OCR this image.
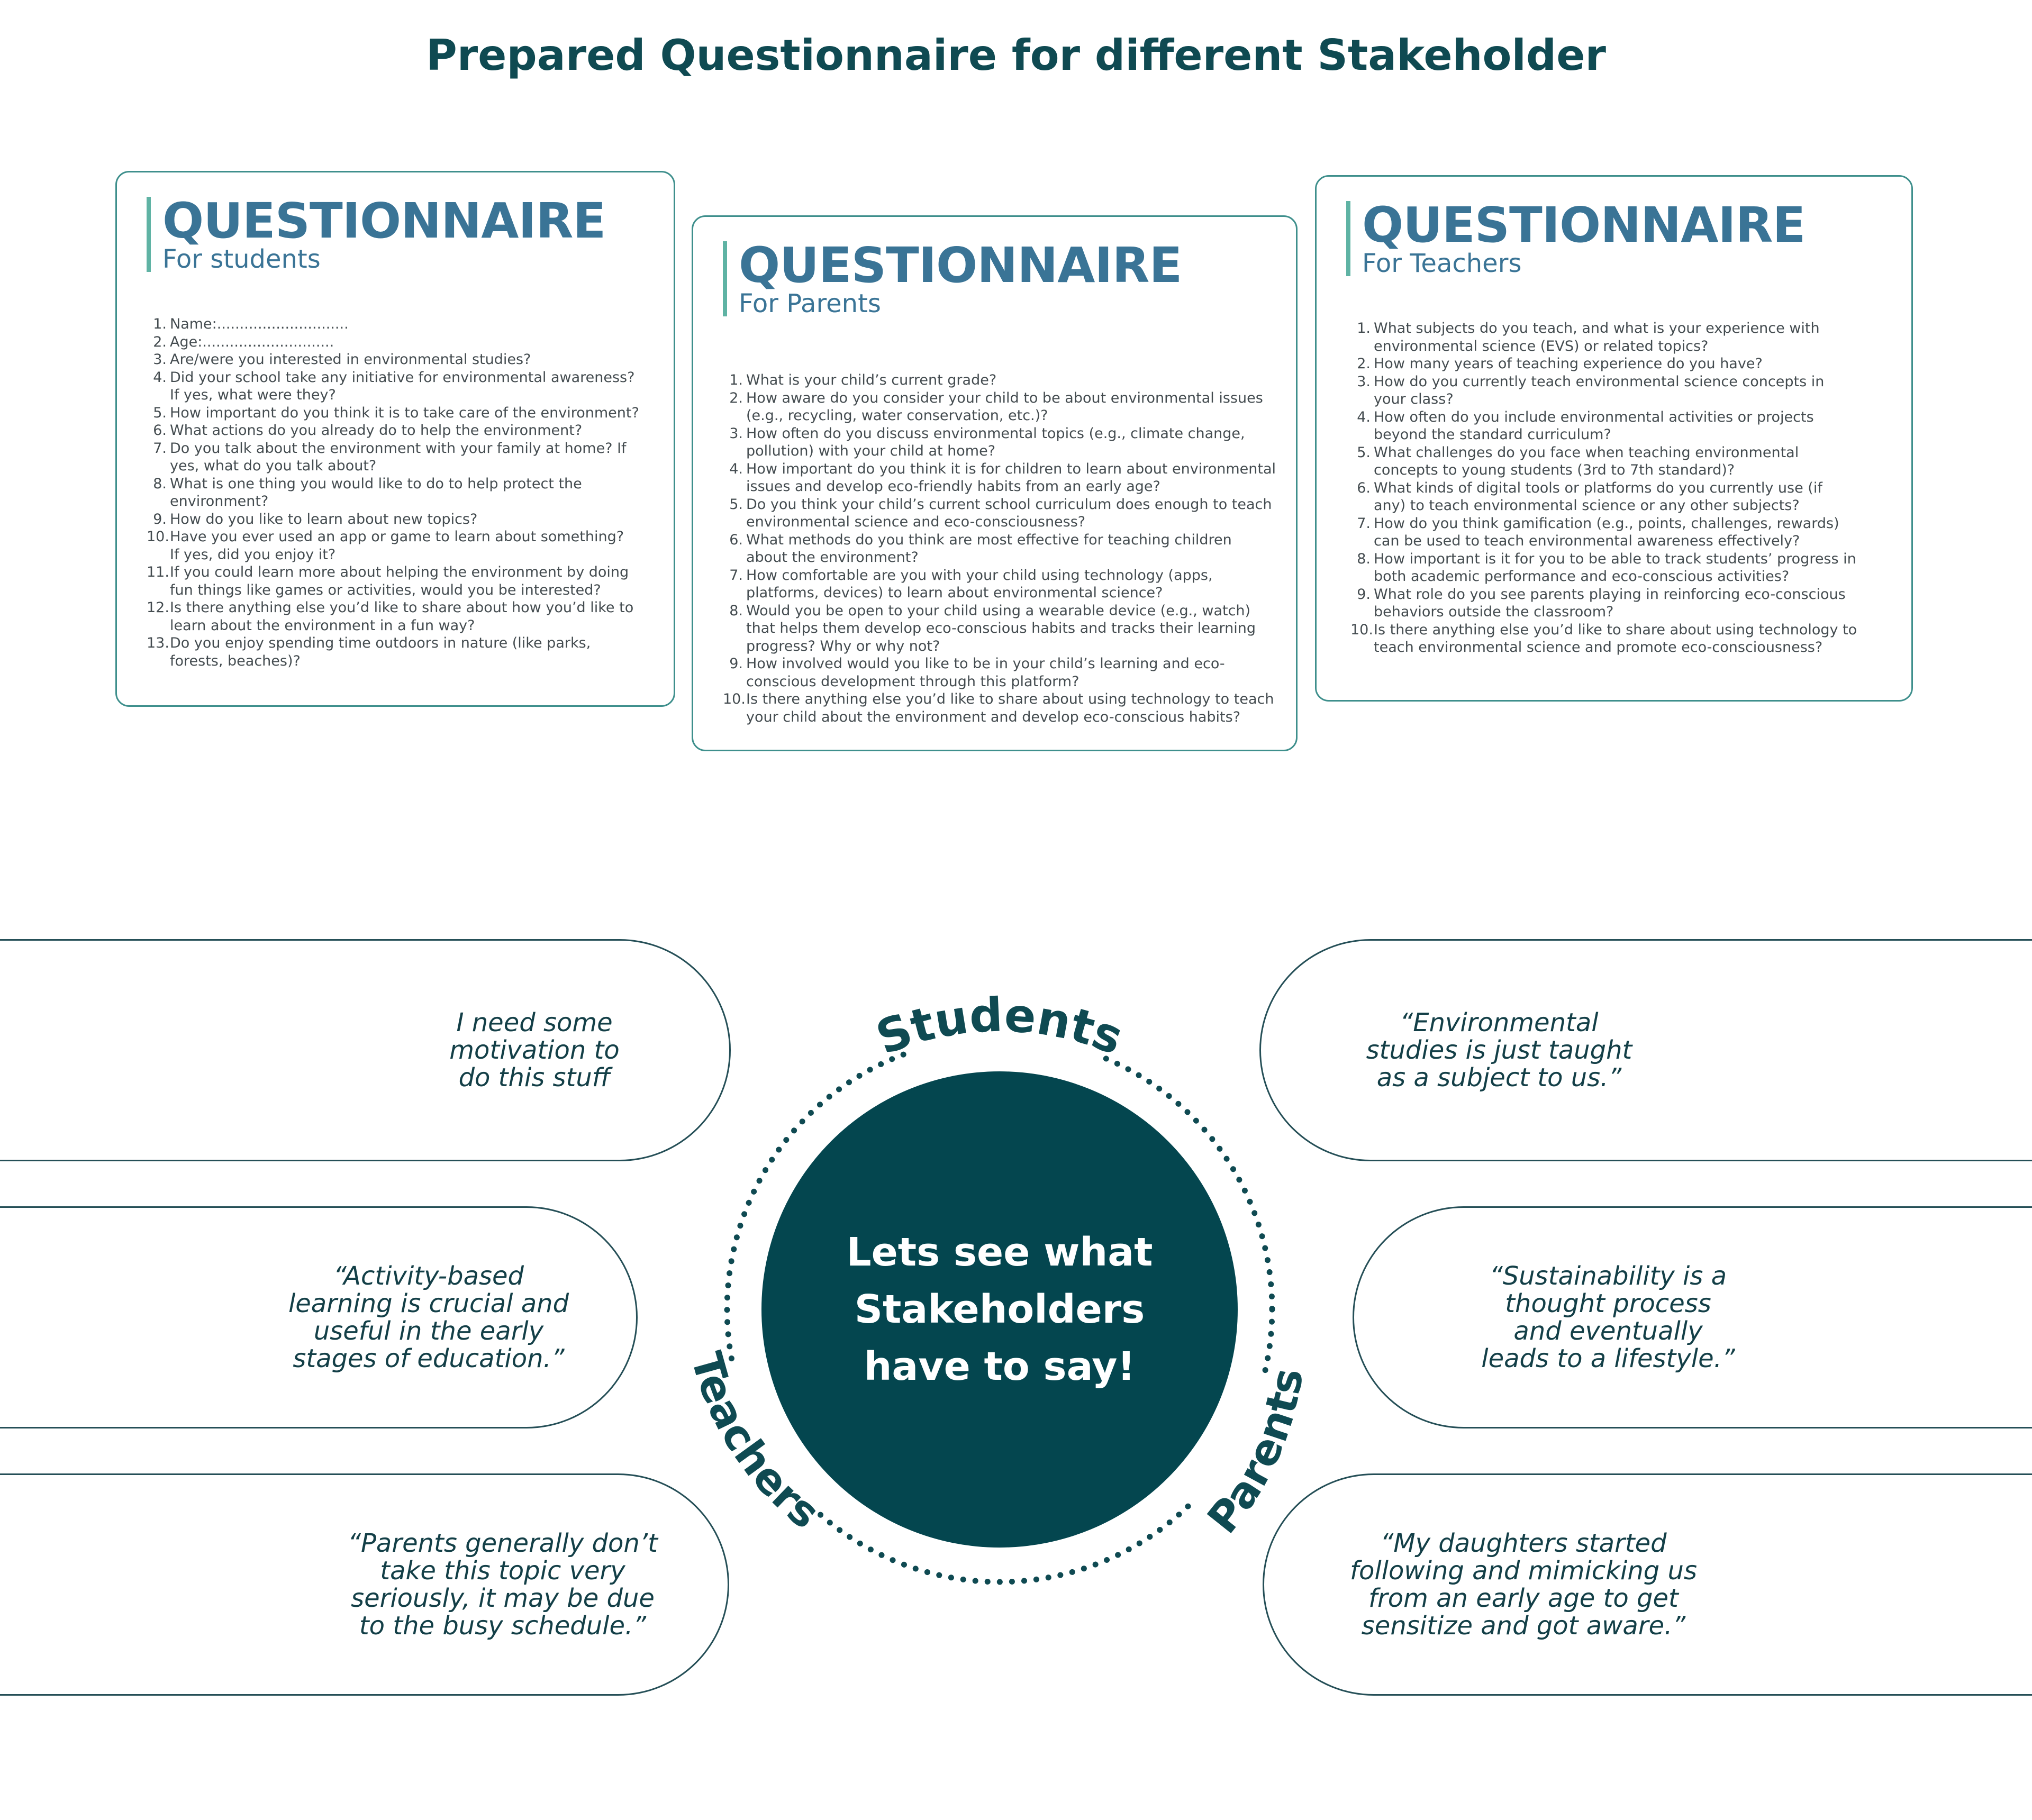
Prepared Questionnaire for different Stakeholder
QUESTIONNAIRE
For students
1. Name:.............................
2. Age:.............................
3. Are/were you interested in environmental studies?
4. Did your school take any initiative for environmental awareness?
If yes, what were they?
5. How important do you think it is to take care of the environment?
6. What actions do you already do to help the environment?
7. Do you talk about the environment with your family at home? If
yes, what do you talk about?
8. What is one thing you would like to do to help protect the
environment?
9. How do you like to learn about new topics?
10. Have you ever used an app or game to learn about something?
If yes, did you enjoy it?
11. If you could learn more about helping the environment by doing
fun things like games or activities, would you be interested?
12. Is there anything else you’d like to share about how you’d like to
learn about the environment in a fun way?
13. Do you enjoy spending time outdoors in nature (like parks,
forests, beaches)?
QUESTIONNAIRE
For Parents
1. What is your child’s current grade?
2. How aware do you consider your child to be about environmental issues
(e.g., recycling, water conservation, etc.)?
3. How often do you discuss environmental topics (e.g., climate change,
pollution) with your child at home?
4. How important do you think it is for children to learn about environmental
issues and develop eco-friendly habits from an early age?
5. Do you think your child’s current school curriculum does enough to teach
environmental science and eco-consciousness?
6. What methods do you think are most effective for teaching children
about the environment?
7. How comfortable are you with your child using technology (apps,
platforms, devices) to learn about environmental science?
8. Would you be open to your child using a wearable device (e.g., watch)
that helps them develop eco-conscious habits and tracks their learning
progress? Why or why not?
9. How involved would you like to be in your child’s learning and eco-
conscious development through this platform?
10. Is there anything else you’d like to share about using technology to teach
your child about the environment and develop eco-conscious habits?
QUESTIONNAIRE
For Teachers
1. What subjects do you teach, and what is your experience with
environmental science (EVS) or related topics?
2. How many years of teaching experience do you have?
3. How do you currently teach environmental science concepts in
your class?
4. How often do you include environmental activities or projects
beyond the standard curriculum?
5. What challenges do you face when teaching environmental
concepts to young students (3rd to 7th standard)?
6. What kinds of digital tools or platforms do you currently use (if
any) to teach environmental science or any other subjects?
7. How do you think gamification (e.g., points, challenges, rewards)
can be used to teach environmental awareness effectively?
8. How important is it for you to be able to track students’ progress in
both academic performance and eco-conscious activities?
9. What role do you see parents playing in reinforcing eco-conscious
behaviors outside the classroom?
10. Is there anything else you’d like to share about using technology to
teach environmental science and promote eco-consciousness?
I need some
motivation to
do this stuff
“Activity-based
learning is crucial and
useful in the early
stages of education.”
“Parents generally don’t
take this topic very
seriously, it may be due
to the busy schedule.”
“Environmental
studies is just taught
as a subject to us.”
“Sustainability is a
thought process
and eventually
leads to a lifestyle.”
“My daughters started
following and mimicking us
from an early age to get
sensitize and got aware.”
Lets see what
Stakeholders
have to say!
Students
Parents
Teachers
